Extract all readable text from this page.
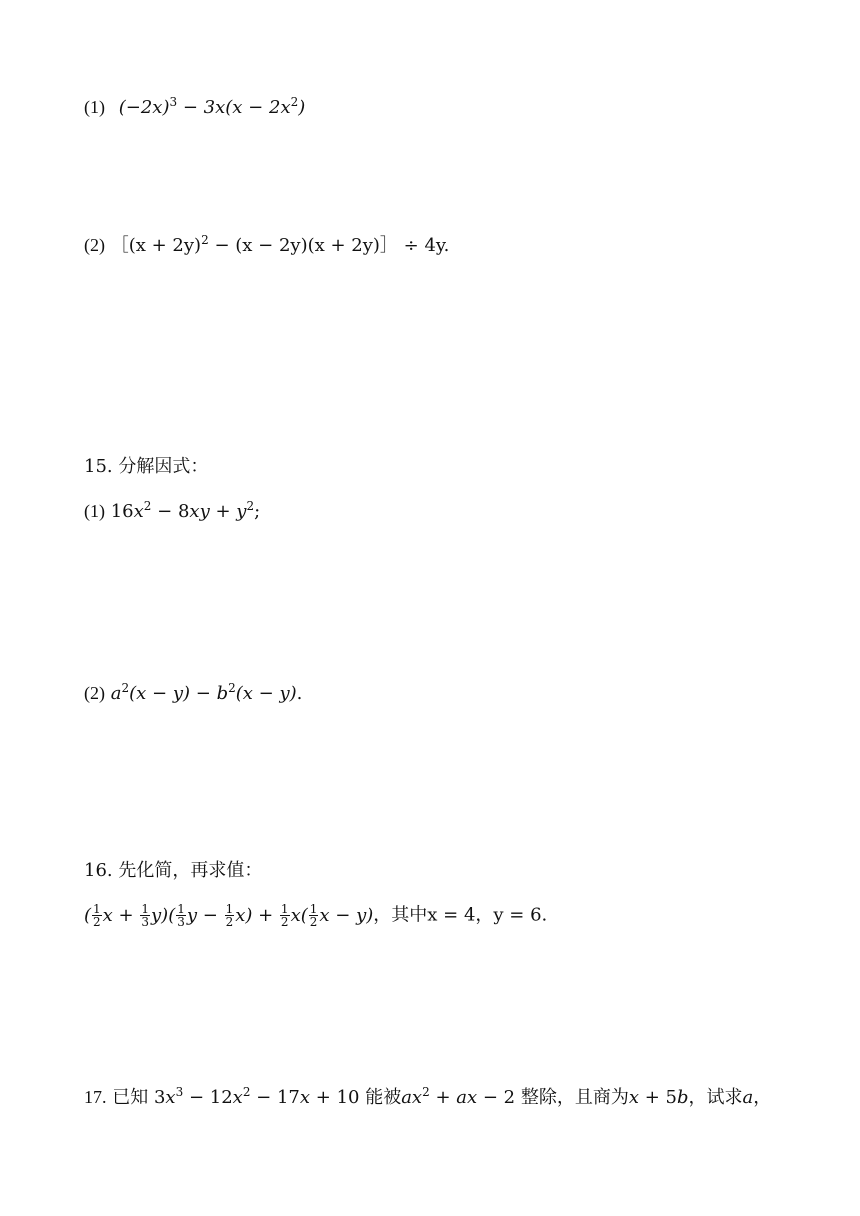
(1) $(-2x)^3 - 3x(x - 2x^2)$
(2) ［(x + 2y)$^2$ − (x − 2y)(x + 2y)］ ÷ 4y.
15. 分解因式：
(1) $16x^2 - 8xy + y^2$;
(2) $a^2(x - y) - b^2(x - y)$.
16. 先化简，再求值：
( $\frac{1}{2}$ $x + \frac{1}{3} y)( \frac{1}{3}$ $y - \frac{1}{2} x) + \frac{1}{2} x( \frac{1}{2}$ x − y)，其中x = 4，y = 6.
17. 已知 $3x^3 - 12x^2 - 17x + 10$ 能被$ax^2$ + ax − 2 整除，且商为x + 5b，试求a，
